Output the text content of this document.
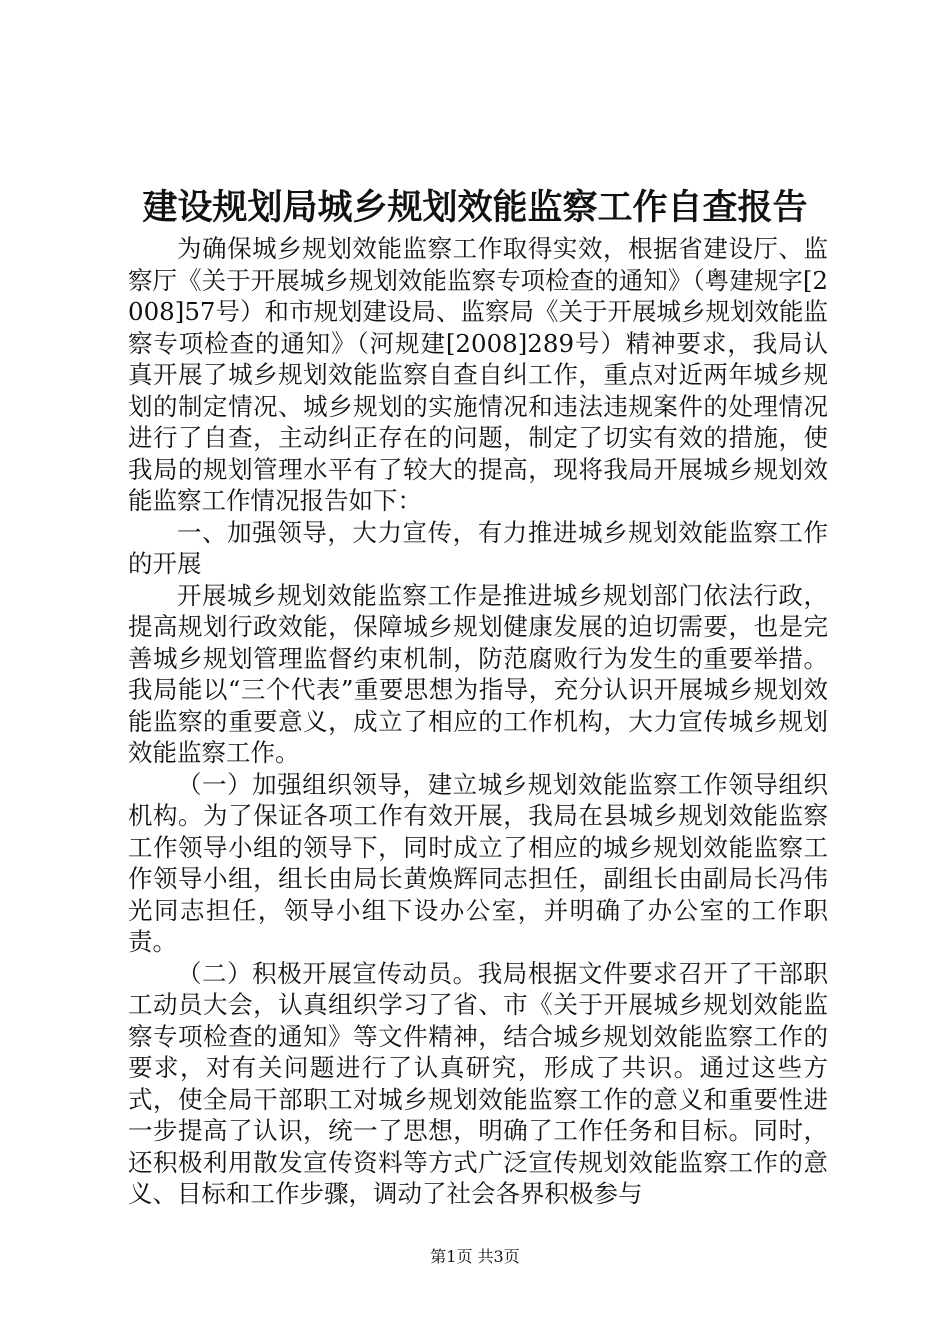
建设规划局城乡规划效能监察工作自查报告

为确保城乡规划效能监察工作取得实效，根据省建设厅、监察厅《关于开展城乡规划效能监察专项检查的通知》（粤建规字[2008]57号）和市规划建设局、监察局《关于开展城乡规划效能监察专项检查的通知》（河规建[2008]289号）精神要求，我局认真开展了城乡规划效能监察自查自纠工作，重点对近两年城乡规划的制定情况、城乡规划的实施情况和违法违规案件的处理情况进行了自查，主动纠正存在的问题，制定了切实有效的措施，使我局的规划管理水平有了较大的提高，现将我局开展城乡规划效能监察工作情况报告如下：

一、加强领导，大力宣传，有力推进城乡规划效能监察工作的开展

开展城乡规划效能监察工作是推进城乡规划部门依法行政，提高规划行政效能，保障城乡规划健康发展的迫切需要，也是完善城乡规划管理监督约束机制，防范腐败行为发生的重要举措。我局能以“三个代表”重要思想为指导，充分认识开展城乡规划效能监察的重要意义，成立了相应的工作机构，大力宣传城乡规划效能监察工作。

（一）加强组织领导，建立城乡规划效能监察工作领导组织机构。为了保证各项工作有效开展，我局在县城乡规划效能监察工作领导小组的领导下，同时成立了相应的城乡规划效能监察工作领导小组，组长由局长黄焕辉同志担任，副组长由副局长冯伟光同志担任，领导小组下设办公室，并明确了办公室的工作职责。

（二）积极开展宣传动员。我局根据文件要求召开了干部职工动员大会，认真组织学习了省、市《关于开展城乡规划效能监察专项检查的通知》等文件精神，结合城乡规划效能监察工作的要求，对有关问题进行了认真研究，形成了共识。通过这些方式，使全局干部职工对城乡规划效能监察工作的意义和重要性进一步提高了认识，统一了思想，明确了工作任务和目标。同时，还积极利用散发宣传资料等方式广泛宣传规划效能监察工作的意义、目标和工作步骤，调动了社会各界积极参与

第1页 共3页
